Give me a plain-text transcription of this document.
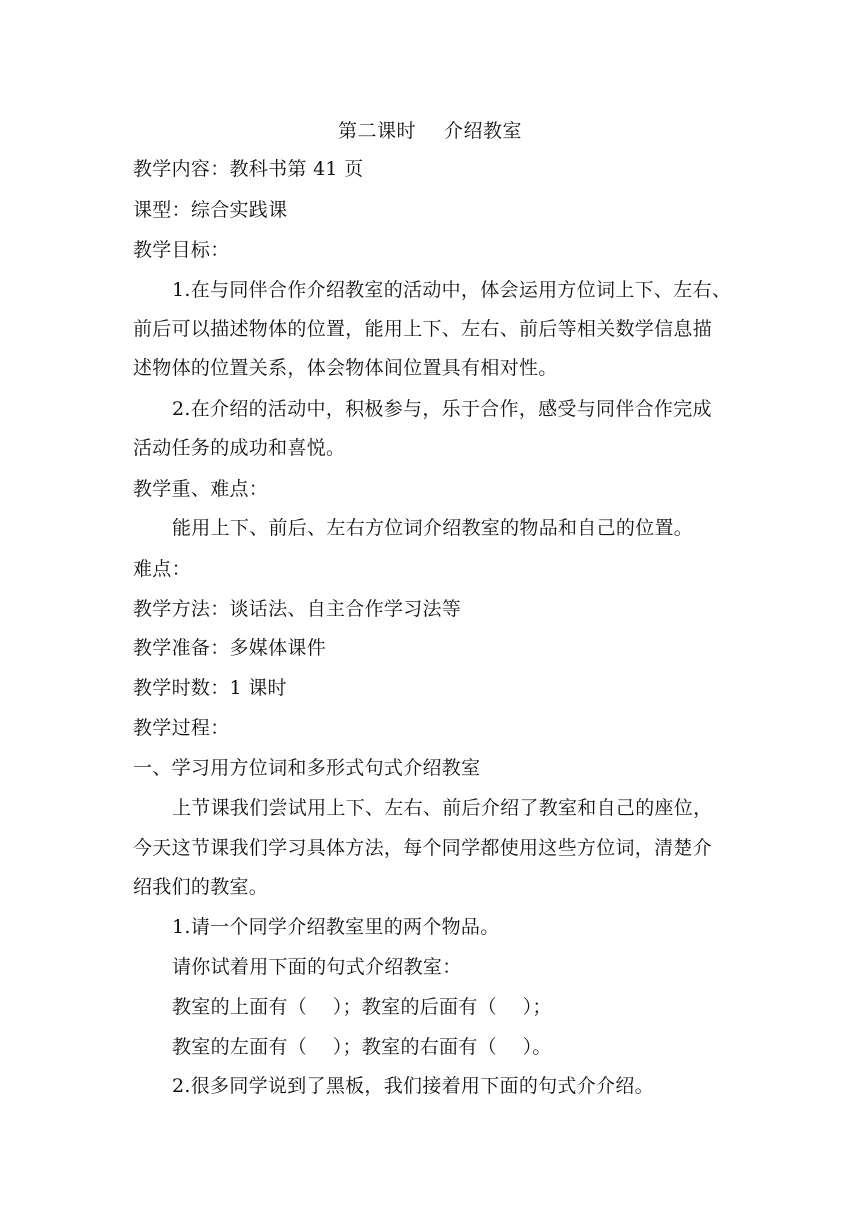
第二课时 介绍教室
教学内容：教科书第 41 页
课型：综合实践课
教学目标：
1.在与同伴合作介绍教室的活动中，体会运用方位词上下、左右、
前后可以描述物体的位置，能用上下、左右、前后等相关数学信息描
述物体的位置关系，体会物体间位置具有相对性。
2.在介绍的活动中，积极参与，乐于合作，感受与同伴合作完成
活动任务的成功和喜悦。
教学重、难点：
能用上下、前后、左右方位词介绍教室的物品和自己的位置。
难点：
教学方法：谈话法、自主合作学习法等
教学准备：多媒体课件
教学时数：1 课时
教学过程：
一、学习用方位词和多形式句式介绍教室
上节课我们尝试用上下、左右、前后介绍了教室和自己的座位，
今天这节课我们学习具体方法，每个同学都使用这些方位词，清楚介
绍我们的教室。
1.请一个同学介绍教室里的两个物品。
请你试着用下面的句式介绍教室：
教室的上面有（　 ）；教室的后面有（　 ）；
教室的左面有（　 ）；教室的右面有（　 ）。
2.很多同学说到了黑板，我们接着用下面的句式介介绍。
